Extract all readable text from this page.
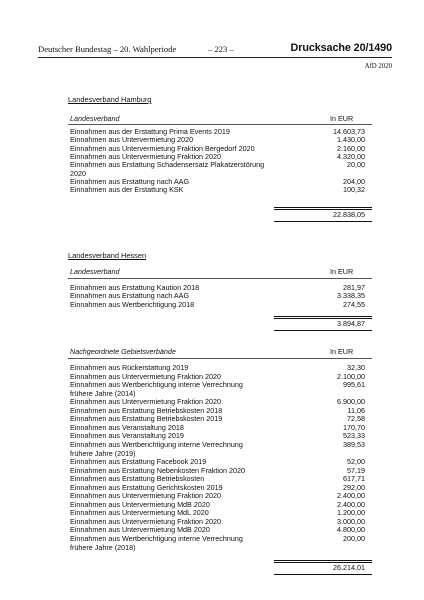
Deutscher Bundestag – 20. Wahlperiode	– 223 –	Drucksache 20/1490
AfD 2020
Landesverband Hamburg
Landesverband	In EUR
Einnahmen aus der Erstattung Prima Events 2019	14.603,73
Einnahmen aus Untervermietung 2020	1.430,00
Einnahmen aus Untervermietung Fraktion Bergedorf 2020	2.160,00
Einnahmen aus Untervermietung Fraktion 2020	4.320,00
Einnahmen aus Erstattung Schadensersatz Plakatzerstörung	20,00
2020
Einnahmen aus Erstattung nach AAG	204,00
Einnahmen aus der Erstattung KSK	100,32
22.838,05
Landesverband Hessen
Landesverband	In EUR
Einnahmen aus Erstattung Kaution 2018	281,97
Einnahmen aus Erstattung nach AAG	3.338,35
Einnahmen aus Wertberichtigung 2018	274,55
3.894,87
Nachgeordnete Gebietsverbände	In EUR
Einnahmen aus Rückerstattung 2019	32,30
Einnahmen aus Untervermietung Fraktion 2020	2.100,00
Einnahmen aus Wertberichtigung interne Verrechnung	995,61
frühere Jahre (2014)
Einnahmen aus Untervermietung Fraktion 2020	6.900,00
Einnahmen aus Erstattung Betriebskosten 2018	11,06
Einnahmen aus Erstattung Betriebskosten 2019	72,58
Einnahmen aus Veranstaltung 2018	170,70
Einnahmen aus Veranstaltung 2019	523,33
Einnahmen aus Wertberichtigung interne Verrechnung	389,53
frühere Jahre (2019)
Einnahmen aus Erstattung Facebook 2019	52,00
Einnahmen aus Erstattung Nebenkosten Fraktion 2020	57,19
Einnahmen aus Erstattung Betriebskosten	617,71
Einnahmen aus Erstattung Gerichtskosten 2019	292,00
Einnahmen aus Untervermietung Fraktion 2020	2.400,00
Einnahmen aus Untervermietung MdB 2020	2.400,00
Einnahmen aus Untervermietung MdL 2020	1.200,00
Einnahmen aus Untervermietung Fraktion 2020	3.000,00
Einnahmen aus Untervermietung MdB 2020	4.800,00
Einnahmen aus Wertberichtigung interne Verrechnung	200,00
frühere Jahre (2018)
26.214,01
